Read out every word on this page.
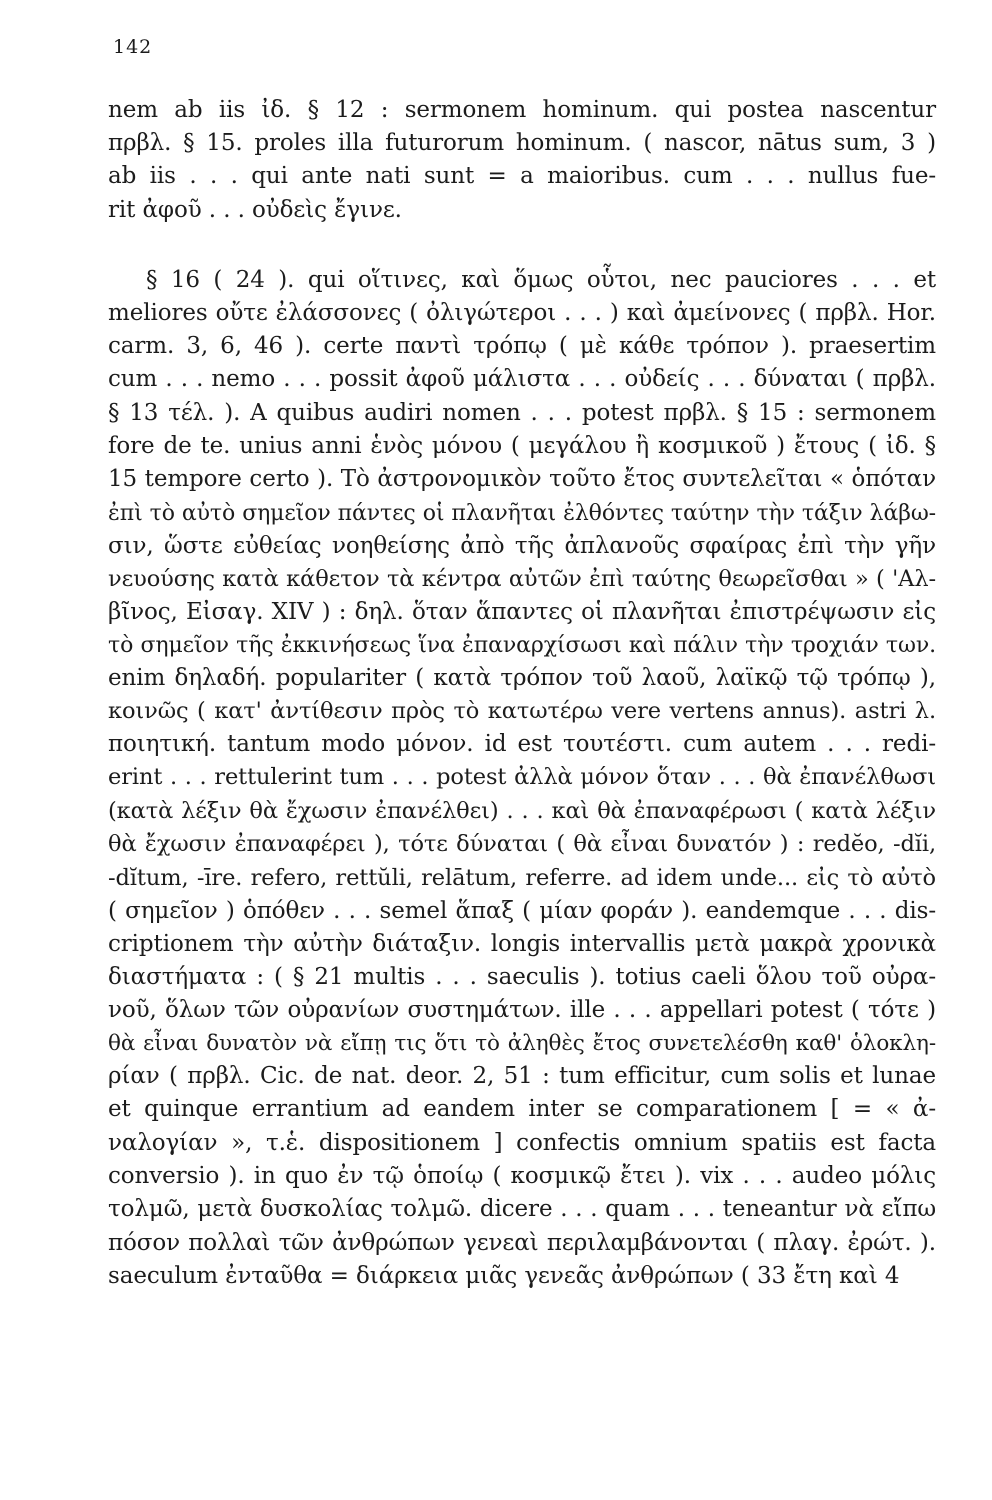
142
nem ab iis ἰδ. § 12 : sermonem hominum. qui postea nascentur
πρβλ. § 15. proles illa futurorum hominum. ( nascor, nātus sum, 3 )
ab iis . . . qui ante nati sunt = a maioribus. cum . . . nullus fue-
rit ἀφοῦ . . . οὐδεὶς ἔγινε.
§ 16 ( 24 ). qui οἵτινες, καὶ ὅμως οὗτοι, nec pauciores . . . et
meliores οὔτε ἐλάσσονες ( ὀλιγώτεροι . . . ) καὶ ἀμείνονες ( πρβλ. Hor.
carm. 3, 6, 46 ). certe παντὶ τρόπῳ ( μὲ κάθε τρόπον ). praesertim
cum . . . nemo . . . possit ἀφοῦ μάλιστα . . . οὐδείς . . . δύναται ( πρβλ.
§ 13 τέλ. ). A quibus audiri nomen . . . potest πρβλ. § 15 : sermonem
fore de te. unius anni ἑνὸς μόνου ( μεγάλου ἢ κοσμικοῦ ) ἔτους ( ἰδ. §
15 tempore certo ). Τὸ ἀστρονομικὸν τοῦτο ἔτος συντελεῖται « ὁπόταν
ἐπὶ τὸ αὐτὸ σημεῖον πάντες οἱ πλανῆται ἐλθόντες ταύτην τὴν τάξιν λάβω-
σιν, ὥστε εὐθείας νοηθείσης ἀπὸ τῆς ἀπλανοῦς σφαίρας ἐπὶ τὴν γῆν
νευούσης κατὰ κάθετον τὰ κέντρα αὐτῶν ἐπὶ ταύτης θεωρεῖσθαι » ( 'Αλ-
βῖνος, Εἰσαγ. XIV ) : δηλ. ὅταν ἅπαντες οἱ πλανῆται ἐπιστρέψωσιν εἰς
τὸ σημεῖον τῆς ἐκκινήσεως ἵνα ἐπαναρχίσωσι καὶ πάλιν τὴν τροχιάν των.
enim δηλαδή. populariter ( κατὰ τρόπον τοῦ λαοῦ, λαϊκῷ τῷ τρόπῳ ),
κοινῶς ( κατ' ἀντίθεσιν πρὸς τὸ κατωτέρω vere vertens annus). astri λ.
ποιητική. tantum modo μόνον. id est τουτέστι. cum autem . . . redi-
erint . . . rettulerint tum . . . potest ἀλλὰ μόνον ὅταν . . . θὰ ἐπανέλθωσι
(κατὰ λέξιν θὰ ἔχωσιν ἐπανέλθει) . . . καὶ θὰ ἐπαναφέρωσι ( κατὰ λέξιν
θὰ ἔχωσιν ἐπαναφέρει ), τότε δύναται ( θὰ εἶναι δυνατόν ) : redĕo, -dĭi,
-dĭtum, -īre. refero, rettŭli, relātum, referre. ad idem unde... εἰς τὸ αὐτὸ
( σημεῖον ) ὁπόθεν . . . semel ἅπαξ ( μίαν φοράν ). eandemque . . . dis-
criptionem τὴν αὐτὴν διάταξιν. longis intervallis μετὰ μακρὰ χρονικὰ
διαστήματα : ( § 21 multis . . . saeculis ). totius caeli ὅλου τοῦ οὐρα-
νοῦ, ὅλων τῶν οὐρανίων συστημάτων. ille . . . appellari potest ( τότε )
θὰ εἶναι δυνατὸν νὰ εἴπῃ τις ὅτι τὸ ἀληθὲς ἔτος συνετελέσθη καθ' ὁλοκλη-
ρίαν ( πρβλ. Cic. de nat. deor. 2, 51 : tum efficitur, cum solis et lunae
et quinque errantium ad eandem inter se comparationem [ = « ἀ-
ναλογίαν », τ.ἑ. dispositionem ] confectis omnium spatiis est facta
conversio ). in quo ἐν τῷ ὁποίῳ ( κοσμικῷ ἔτει ). vix . . . audeo μόλις
τολμῶ, μετὰ δυσκολίας τολμῶ. dicere . . . quam . . . teneantur νὰ εἴπω
πόσον πολλαὶ τῶν ἀνθρώπων γενεαὶ περιλαμβάνονται ( πλαγ. ἐρώτ. ).
saeculum ἐνταῦθα = διάρκεια μιᾶς γενεᾶς ἀνθρώπων ( 33 ἔτη καὶ 4
